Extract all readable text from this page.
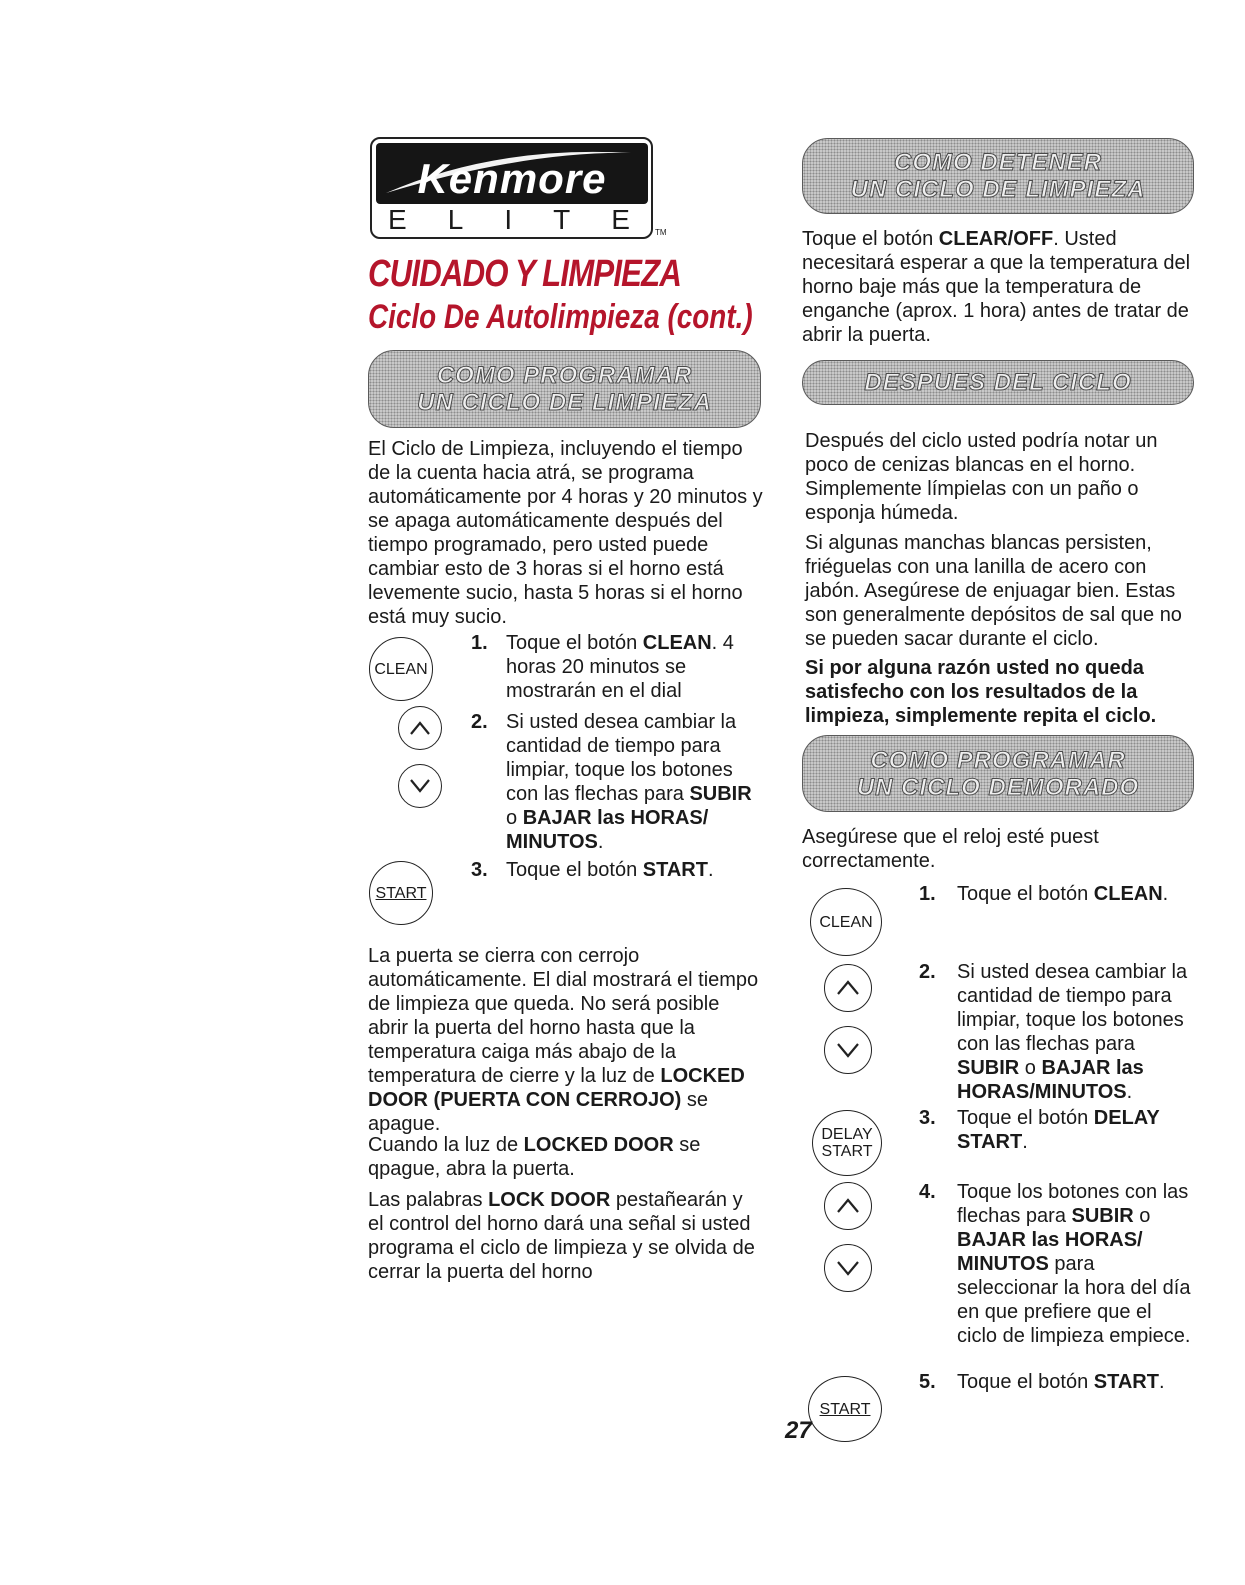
Kenmore
E L I T E	TM
CUIDADO Y LIMPIEZA
Ciclo De Autolimpieza (cont.)
COMO PROGRAMAR
UN CICLO DE LIMPIEZA

El Ciclo de Limpieza, incluyendo el tiempo de la cuenta hacia atrá, se programa automáticamente por 4 horas y 20 minutos y se apaga automáticamente después del tiempo programado, pero usted puede cambiar esto de 3 horas si el horno está levemente sucio, hasta 5 horas si el horno está muy sucio.

CLEAN
1. Toque el botón CLEAN. 4 horas 20 minutos se mostrarán en el dial

2. Si usted desea cambiar la cantidad de tiempo para limpiar, toque los botones con las flechas para SUBIR o BAJAR las HORAS/ MINUTOS.

START
3. Toque el botón START.

La puerta se cierra con cerrojo automáticamente. El dial mostrará el tiempo de limpieza que queda. No será posible abrir la puerta del horno hasta que la temperatura caiga más abajo de la temperatura de cierre y la luz de LOCKED DOOR (PUERTA CON CERROJO) se apague.

Cuando la luz de LOCKED DOOR se qpague, abra la puerta.

Las palabras LOCK DOOR pestañearán y el control del horno dará una señal si usted programa el ciclo de limpieza y se olvida de cerrar la puerta del horno

COMO DETENER
UN CICLO DE LIMPIEZA

Toque el botón CLEAR/OFF. Usted necesitará esperar a que la temperatura del horno baje más que la temperatura de enganche (aprox. 1 hora) antes de tratar de abrir la puerta.

DESPUES DEL CICLO

Después del ciclo usted podría notar un poco de cenizas blancas en el horno. Simplemente límpielas con un paño o esponja húmeda.

Si algunas manchas blancas persisten, friéguelas con una lanilla de acero con jabón. Asegúrese de enjuagar bien. Estas son generalmente depósitos de sal que no se pueden sacar durante el ciclo.

Si por alguna razón usted no queda satisfecho con los resultados de la limpieza, simplemente repita el ciclo.

COMO PROGRAMAR
UN CICLO DEMORADO

Asegúrese que el reloj esté puest correctamente.

CLEAN
1. Toque el botón CLEAN.

2. Si usted desea cambiar la cantidad de tiempo para limpiar, toque los botones con las flechas para SUBIR o BAJAR las HORAS/MINUTOS.

DELAY
START
3. Toque el botón DELAY START.

4. Toque los botones con las flechas para SUBIR o BAJAR las HORAS/ MINUTOS para seleccionar la hora del día en que prefiere que el ciclo de limpieza empiece.

START
5. Toque el botón START.

27
